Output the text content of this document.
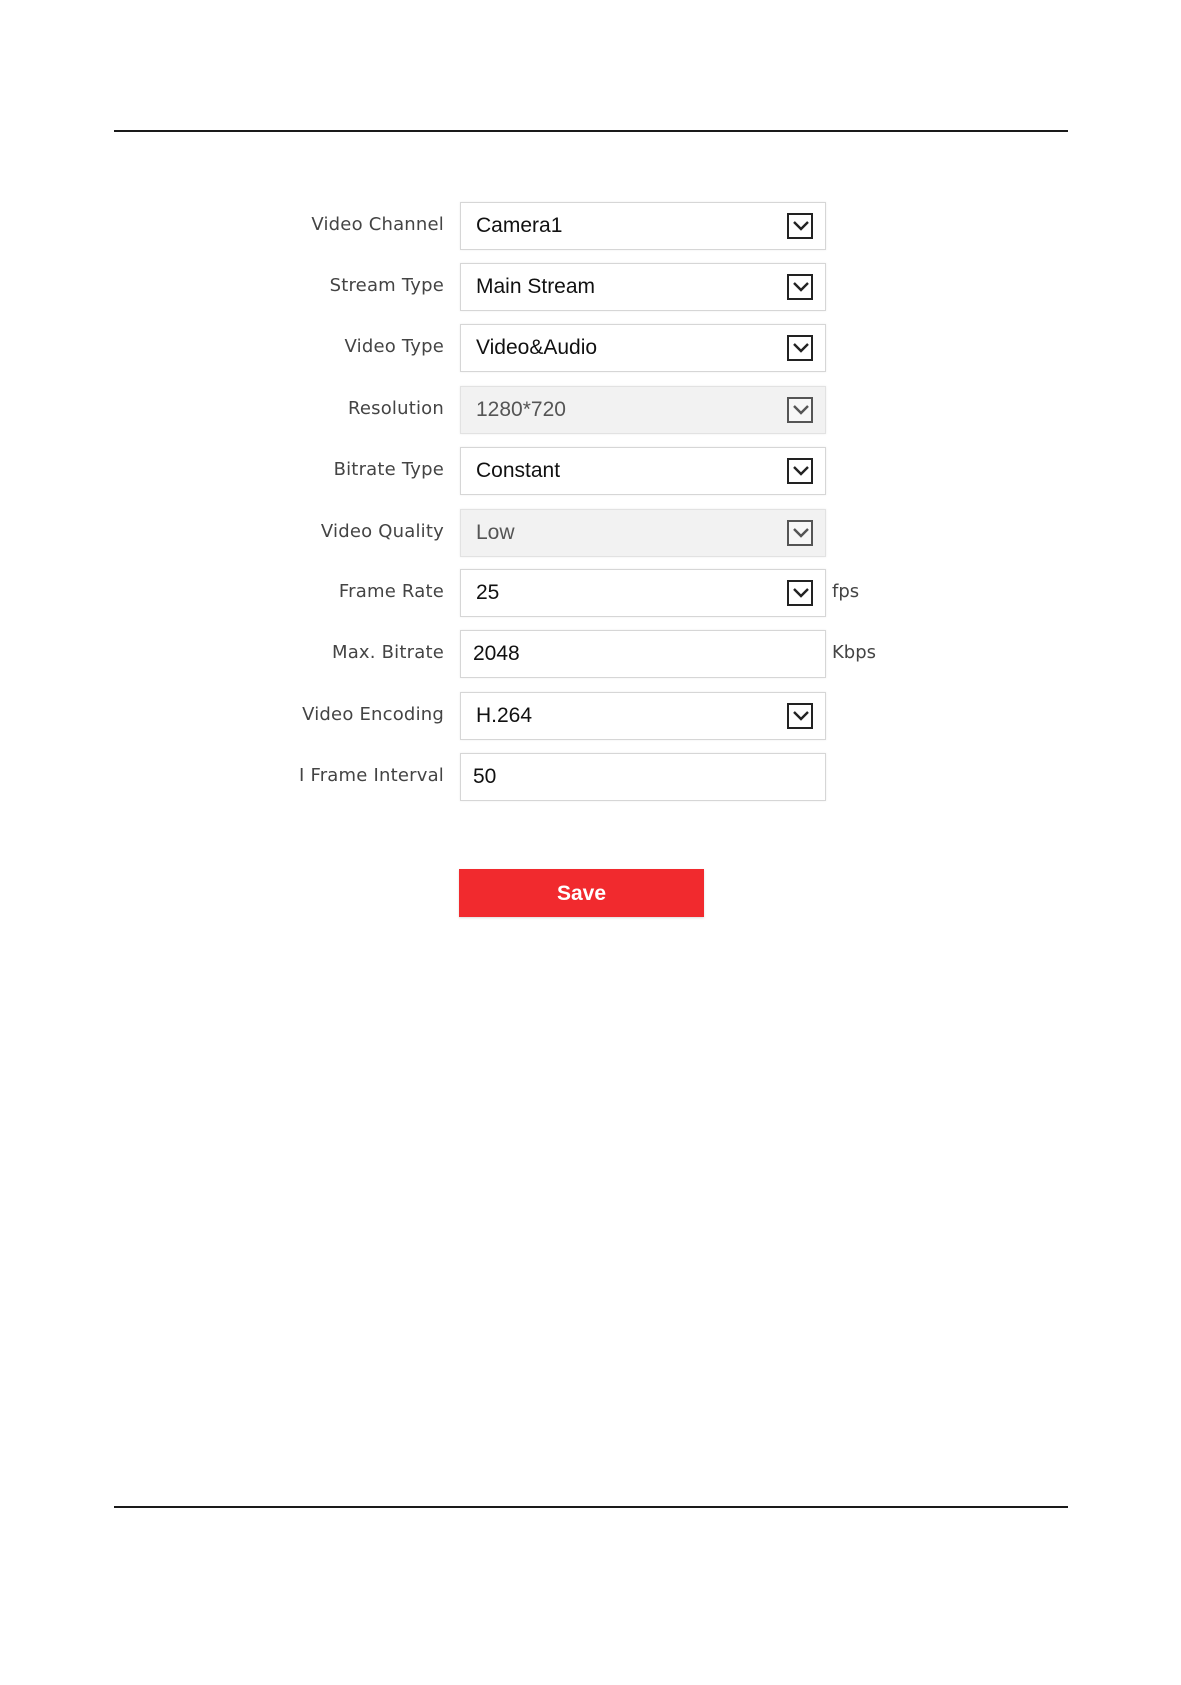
Video Channel Camera1
Stream Type Main Stream
Video Type Video&Audio
Resolution 1280*720
Bitrate Type Constant
Video Quality Low
Frame Rate 25	fps
Max. Bitrate 2048	Kbps
Video Encoding H.264
I Frame Interval 50
Save
